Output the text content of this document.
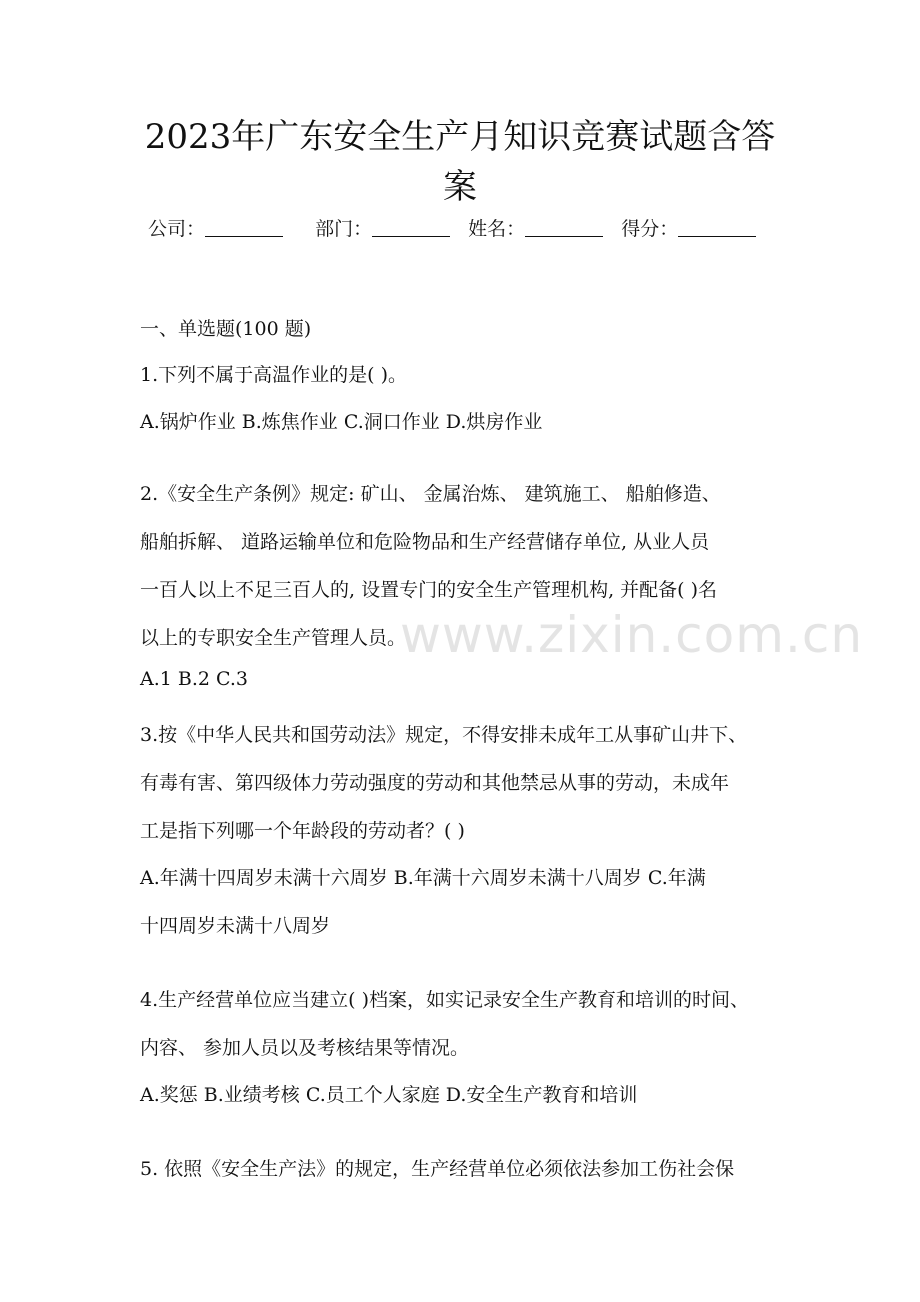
www.zixin.com.cn
2023年广东安全生产月知识竞赛试题含答
案
公司：	部门：	姓名：	得分：
一、单选题(100 题)
1.下列不属于高温作业的是( )。
A.锅炉作业 B.炼焦作业 C.洞口作业 D.烘房作业
2.《安全生产条例》规定: 矿山、 金属治炼、 建筑施工、 船舶修造、
船舶拆解、 道路运输单位和危险物品和生产经营储存单位, 从业人员
一百人以上不足三百人的, 设置专门的安全生产管理机构, 并配备( )名
以上的专职安全生产管理人员。
A.1 B.2 C.3
3.按《中华人民共和国劳动法》规定，不得安排未成年工从事矿山井下、
有毒有害、第四级体力劳动强度的劳动和其他禁忌从事的劳动，未成年
工是指下列哪一个年龄段的劳动者？( )
A.年满十四周岁未满十六周岁 B.年满十六周岁未满十八周岁 C.年满
十四周岁未满十八周岁
4.生产经营单位应当建立( )档案，如实记录安全生产教育和培训的时间、
内容、 参加人员以及考核结果等情况。
A.奖惩 B.业绩考核 C.员工个人家庭 D.安全生产教育和培训
5. 依照《安全生产法》的规定，生产经营单位必须依法参加工伤社会保
